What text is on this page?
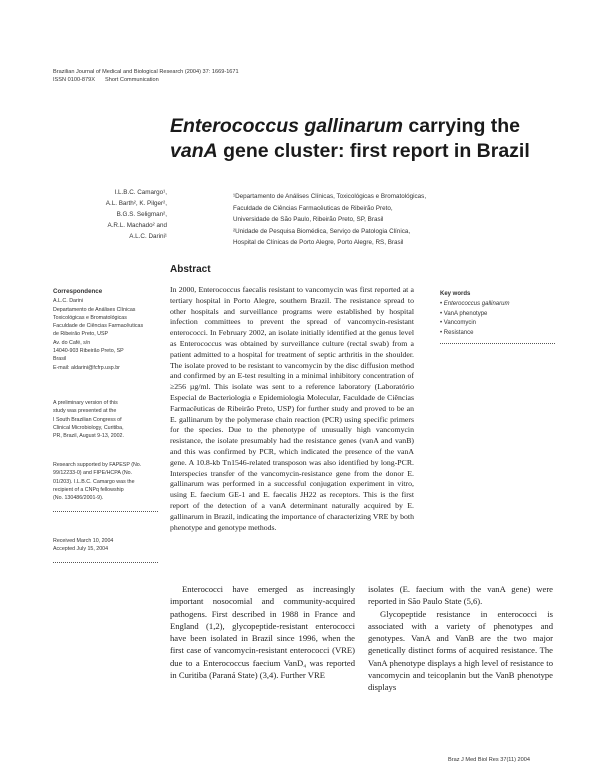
Brazilian Journal of Medical and Biological Research (2004) 37: 1669-1671
ISSN 0100-879X Short Communication
Enterococcus gallinarum carrying the
vanA gene cluster: first report in Brazil
I.L.B.C. Camargo¹,
A.L. Barth², K. Pilger²,
B.G.S. Seligman²,
A.R.L. Machado² and
A.L.C. Darini¹
¹Departamento de Análises Clínicas, Toxicológicas e Bromatológicas,
Faculdade de Ciências Farmacêuticas de Ribeirão Preto,
Universidade de São Paulo, Ribeirão Preto, SP, Brasil
²Unidade de Pesquisa Biomédica, Serviço de Patologia Clínica,
Hospital de Clínicas de Porto Alegre, Porto Alegre, RS, Brasil
Abstract

In 2000, Enterococcus faecalis resistant to vancomycin was first reported at a tertiary hospital in Porto Alegre, southern Brazil. The resistance spread to other hospitals and surveillance programs were established by hospital infection committees to prevent the spread of vancomycin-resistant enterococci. In February 2002, an isolate initially identified at the genus level as Enterococcus was obtained by surveillance culture (rectal swab) from a patient admitted to a hospital for treatment of septic arthritis in the shoulder. The isolate proved to be resistant to vancomycin by the disc diffusion method and confirmed by an E-test resulting in a minimal inhibitory concentration of ≥256 µg/ml. This isolate was sent to a reference laboratory (Laboratório Especial de Bacteriologia e Epidemiologia Molecular, Faculdade de Ciências Farmacêuticas de Ribeirão Preto, USP) for further study and proved to be an E. gallinarum by the polymerase chain reaction (PCR) using specific primers for the species. Due to the phenotype of unusually high vancomycin resistance, the isolate presumably had the resistance genes (vanA and vanB) and this was confirmed by PCR, which indicated the presence of the vanA gene. A 10.8-kb Tn1546-related transposon was also identified by long-PCR. Interspecies transfer of the vancomycin-resistance gene from the donor E. gallinarum was performed in a successful conjugation experiment in vitro, using E. faecium GE-1 and E. faecalis JH22 as receptors. This is the first report of the detection of a vanA determinant naturally acquired by E. gallinarum in Brazil, indicating the importance of characterizing VRE by both phenotype and genotype methods.

Correspondence
A.L.C. Darini
Departamento de Análises Clínicas
Toxicológicas e Bromatológicas
Faculdade de Ciências Farmacêuticas
de Ribeirão Preto, USP
Av. do Café, s/n
14040-903 Ribeirão Preto, SP
Brasil
E-mail: aldarini@fcfrp.usp.br
A preliminary version of this
study was presented at the
I South Brazilian Congress of
Clinical Microbiology, Curitiba,
PR, Brazil, August 9-13, 2002.
Research supported by FAPESP (No.
99/12233-0) and FIPE/HCPA (No.
01/203). I.L.B.C. Camargo was the
recipient of a CNPq fellowship
(No. 130486/2001-9).
Received March 10, 2004
Accepted July 15, 2004
Key words
• Enterococcus gallinarum
• VanA phenotype
• Vancomycin
• Resistance

Enterococci have emerged as increasingly important nosocomial and community-acquired pathogens. First described in 1988 in France and England (1,2), glycopeptide-resistant enterococci have been isolated in Brazil since 1996, when the first case of vancomycin-resistant enterococci (VRE) due to a Enterococcus faecium VanD₄ was reported in Curitiba (Paraná State) (3,4). Further VRE

isolates (E. faecium with the vanA gene) were reported in São Paulo State (5,6).

Glycopeptide resistance in enterococci is associated with a variety of phenotypes and genotypes. VanA and VanB are the two major genetically distinct forms of acquired resistance. The VanA phenotype displays a high level of resistance to vancomycin and teicoplanin but the VanB phenotype displays

Braz J Med Biol Res 37(11) 2004
